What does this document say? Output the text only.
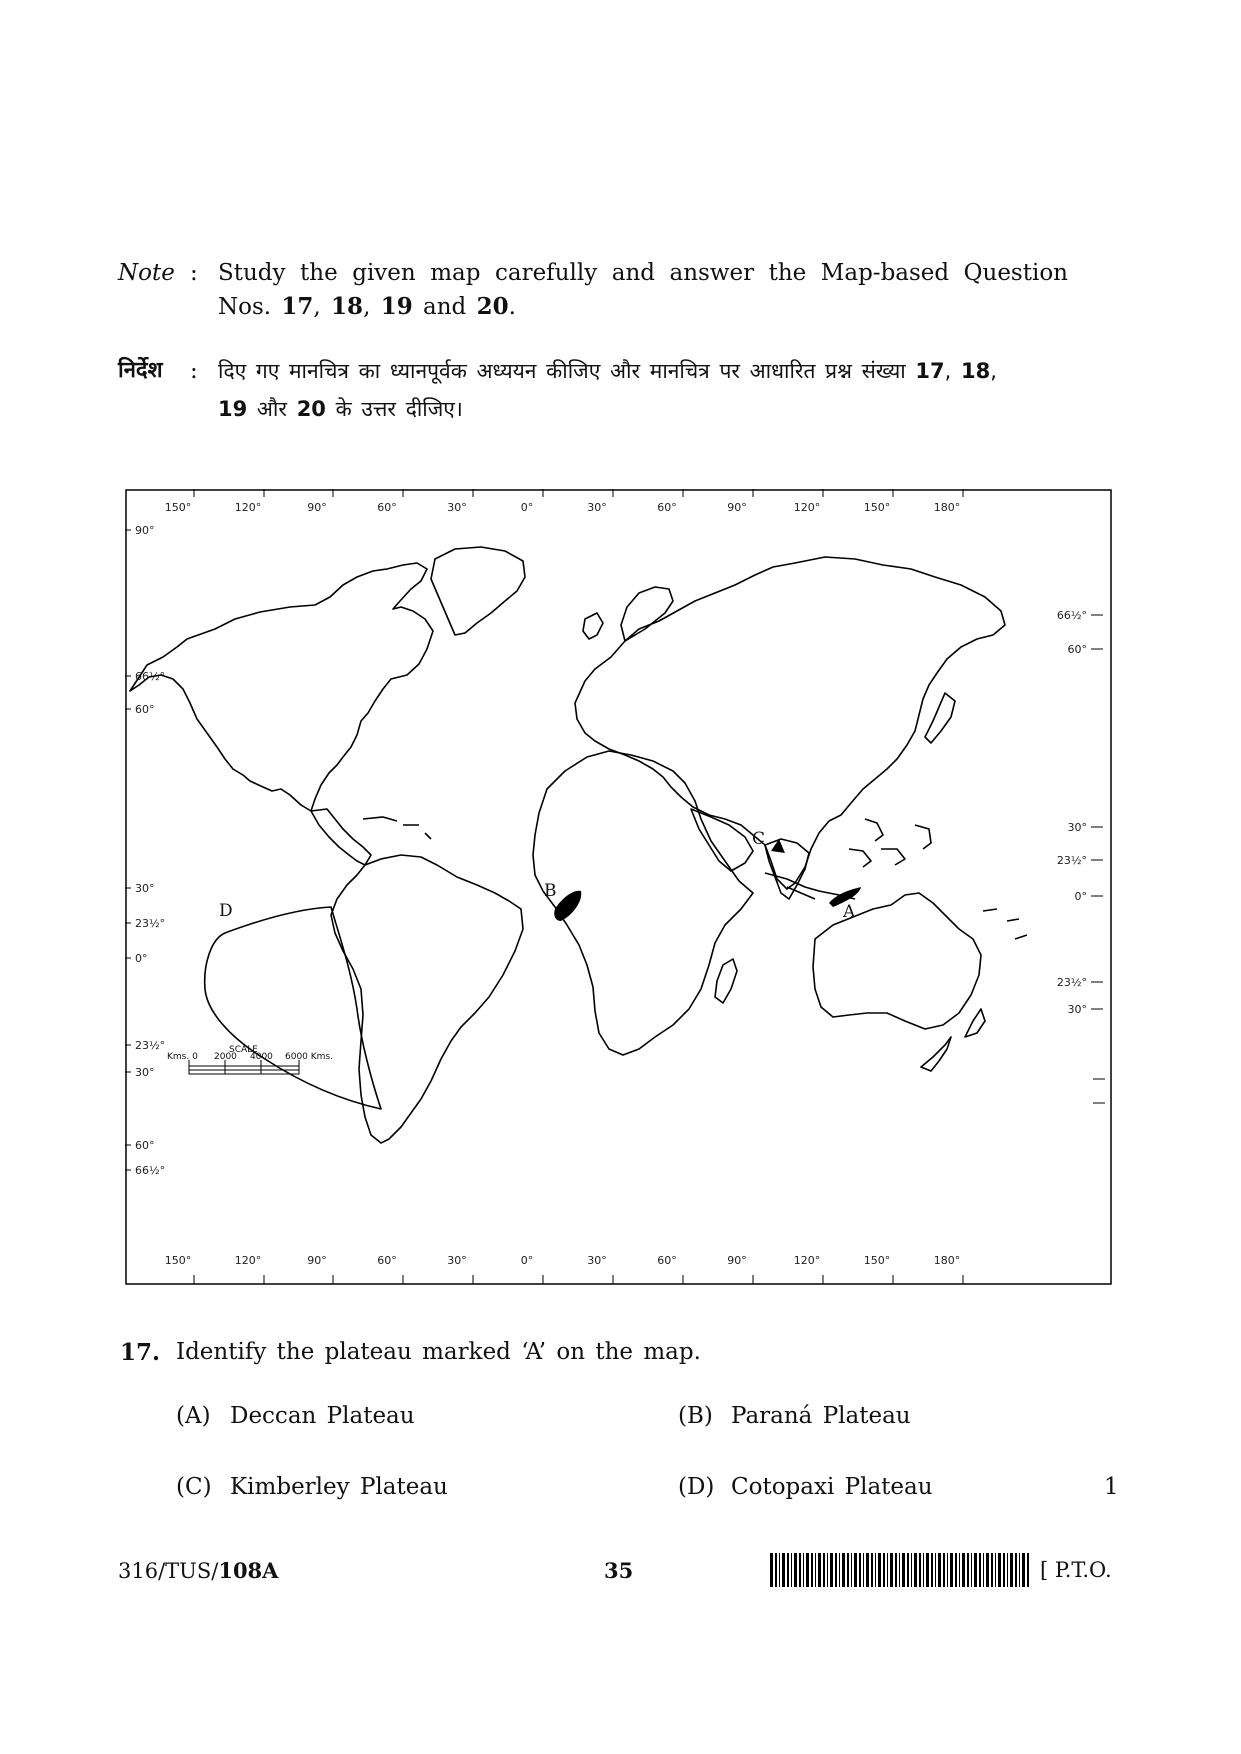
Note : Study the given map carefully and answer the Map-based Question
Nos. 17, 18, 19 and 20.
निर्देश	: दिए गए मानचित्र का ध्यानपूर्वक अध्ययन कीजिए और मानचित्र पर आधारित प्रश्न संख्या 17, 18,
19 और 20 के उत्तर दीजिए।
150°	120°	90°	60°	30°	0°	30°	60°	90°	120°	150°	180°
150°	120°	90°	60°	30°	0°	30°	60°	90°	120°	150°	180°
90°
66½°
60°
30°
23½°
0°
23½°
30°
60°
66½°
66½°
60°
30°
23½°
0°
23½°
30°
A
B
C
D
SCALE
Kms. 0 2000 4000 6000 Kms.
17. Identify the plateau marked ‘A’ on the map.
(A) Deccan Plateau	(B) Paraná Plateau
(C) Kimberley Plateau	(D) Cotopaxi Plateau	1
316/TUS/108A	35	[ P.T.O.
